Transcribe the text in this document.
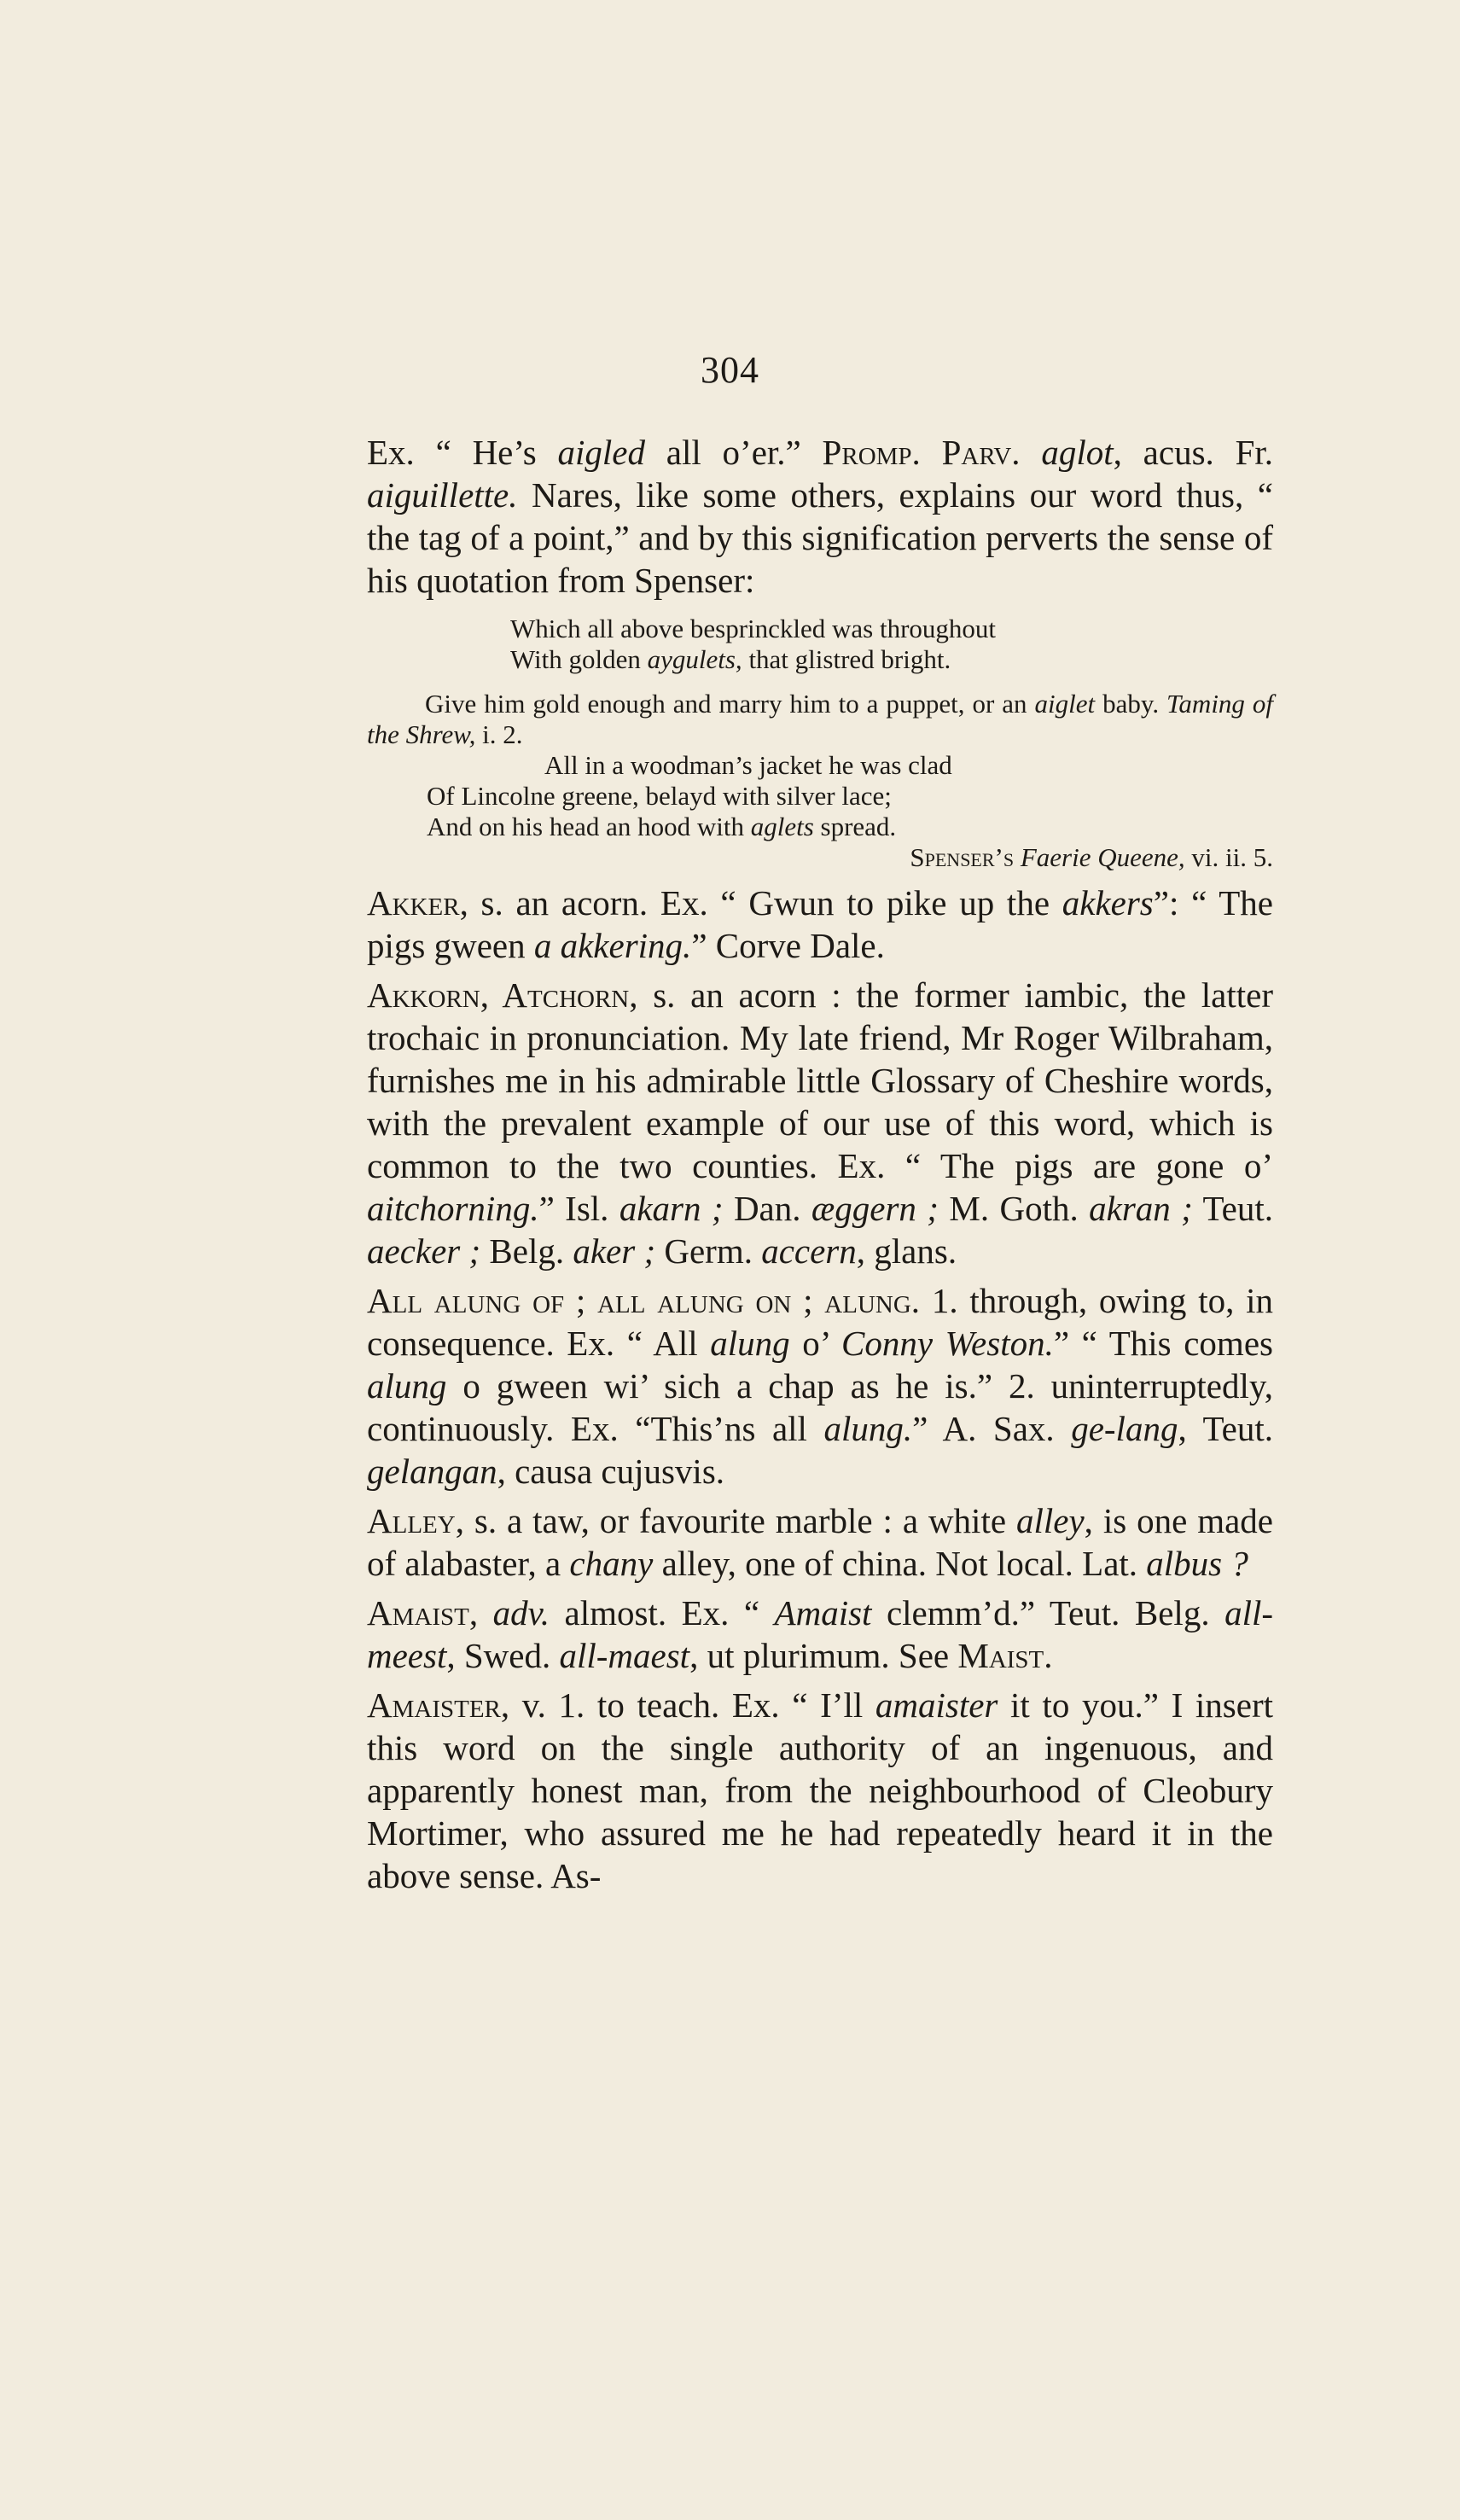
304

Ex. “ He’s aigled all o’er.” Promp. Parv. aglot, acus. Fr. aiguillette. Nares, like some others, explains our word thus, “ the tag of a point,” and by this signification perverts the sense of his quotation from Spenser:

Which all above besprinckled was throughout
With golden aygulets, that glistred bright.
Give him gold enough and marry him to a puppet, or an aiglet baby. Taming of the Shrew, i. 2.
All in a woodman’s jacket he was clad
Of Lincolne greene, belayd with silver lace;
And on his head an hood with aglets spread.
Spenser’s Faerie Queene, vi. ii. 5.

Akker, s. an acorn. Ex. “ Gwun to pike up the akkers”: “ The pigs gween a akkering.” Corve Dale.

Akkorn, Atchorn, s. an acorn : the former iambic, the latter trochaic in pronunciation. My late friend, Mr Roger Wilbraham, furnishes me in his admirable little Glossary of Cheshire words, with the prevalent example of our use of this word, which is common to the two counties. Ex. “ The pigs are gone o’ aitchorning.” Isl. akarn ; Dan. æggern ; M. Goth. akran ; Teut. aecker ; Belg. aker ; Germ. accern, glans.

All alung of ; all alung on ; alung. 1. through, owing to, in consequence. Ex. “ All alung o’ Conny Weston.” “ This comes alung o gween wi’ sich a chap as he is.” 2. uninterruptedly, continuously. Ex. “This’ns all alung.” A. Sax. ge-lang, Teut. gelangan, causa cujusvis.

Alley, s. a taw, or favourite marble : a white alley, is one made of alabaster, a chany alley, one of china. Not local. Lat. albus ?

Amaist, adv. almost. Ex. “ Amaist clemm’d.” Teut. Belg. all-meest, Swed. all-maest, ut plurimum. See Maist.

Amaister, v. 1. to teach. Ex. “ I’ll amaister it to you.” I insert this word on the single authority of an ingenuous, and apparently honest man, from the neighbourhood of Cleobury Mortimer, who assured me he had repeatedly heard it in the above sense. As-
